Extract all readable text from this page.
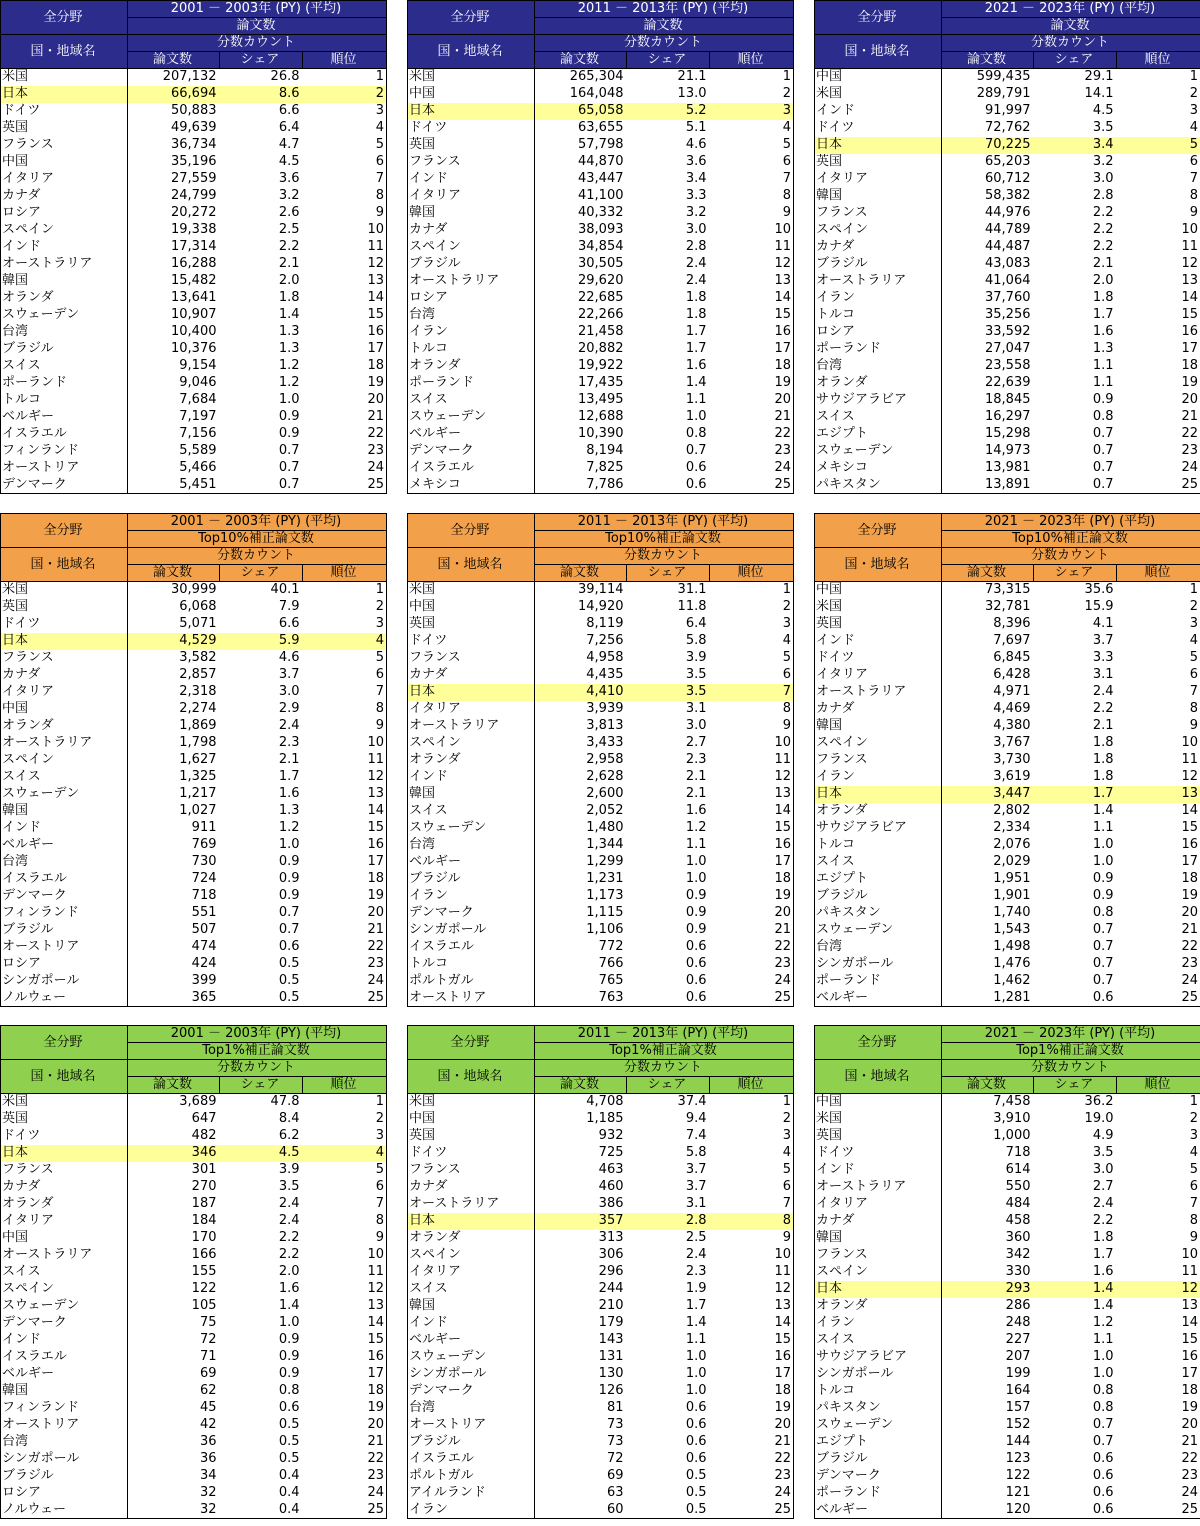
全分野	2001 － 2003年 (PY) (平均)		
	論文数		
国・地域名	分数カウント		
	論文数	シェア	順位
米国	207,132	26.8	1
日本	66,694	8.6	2
ドイツ	50,883	6.6	3
英国	49,639	6.4	4
フランス	36,734	4.7	5
中国	35,196	4.5	6
イタリア	27,559	3.6	7
カナダ	24,799	3.2	8
ロシア	20,272	2.6	9
スペイン	19,338	2.5	10
インド	17,314	2.2	11
オーストラリア	16,288	2.1	12
韓国	15,482	2.0	13
オランダ	13,641	1.8	14
スウェーデン	10,907	1.4	15
台湾	10,400	1.3	16
ブラジル	10,376	1.3	17
スイス	9,154	1.2	18
ポーランド	9,046	1.2	19
トルコ	7,684	1.0	20
ベルギー	7,197	0.9	21
イスラエル	7,156	0.9	22
フィンランド	5,589	0.7	23
オーストリア	5,466	0.7	24
デンマーク	5,451	0.7	25
全分野	2011 － 2013年 (PY) (平均)		
	論文数		
国・地域名	分数カウント		
	論文数	シェア	順位
米国	265,304	21.1	1
中国	164,048	13.0	2
日本	65,058	5.2	3
ドイツ	63,655	5.1	4
英国	57,798	4.6	5
フランス	44,870	3.6	6
インド	43,447	3.4	7
イタリア	41,100	3.3	8
韓国	40,332	3.2	9
カナダ	38,093	3.0	10
スペイン	34,854	2.8	11
ブラジル	30,505	2.4	12
オーストラリア	29,620	2.4	13
ロシア	22,685	1.8	14
台湾	22,266	1.8	15
イラン	21,458	1.7	16
トルコ	20,882	1.7	17
オランダ	19,922	1.6	18
ポーランド	17,435	1.4	19
スイス	13,495	1.1	20
スウェーデン	12,688	1.0	21
ベルギー	10,390	0.8	22
デンマーク	8,194	0.7	23
イスラエル	7,825	0.6	24
メキシコ	7,786	0.6	25
全分野	2021 － 2023年 (PY) (平均)		
	論文数		
国・地域名	分数カウント		
	論文数	シェア	順位
中国	599,435	29.1	1
米国	289,791	14.1	2
インド	91,997	4.5	3
ドイツ	72,762	3.5	4
日本	70,225	3.4	5
英国	65,203	3.2	6
イタリア	60,712	3.0	7
韓国	58,382	2.8	8
フランス	44,976	2.2	9
スペイン	44,789	2.2	10
カナダ	44,487	2.2	11
ブラジル	43,083	2.1	12
オーストラリア	41,064	2.0	13
イラン	37,760	1.8	14
トルコ	35,256	1.7	15
ロシア	33,592	1.6	16
ポーランド	27,047	1.3	17
台湾	23,558	1.1	18
オランダ	22,639	1.1	19
サウジアラビア	18,845	0.9	20
スイス	16,297	0.8	21
エジプト	15,298	0.7	22
スウェーデン	14,973	0.7	23
メキシコ	13,981	0.7	24
パキスタン	13,891	0.7	25
全分野	2001 － 2003年 (PY) (平均)		
	Top10%補正論文数		
国・地域名	分数カウント		
	論文数	シェア	順位
米国	30,999	40.1	1
英国	6,068	7.9	2
ドイツ	5,071	6.6	3
日本	4,529	5.9	4
フランス	3,582	4.6	5
カナダ	2,857	3.7	6
イタリア	2,318	3.0	7
中国	2,274	2.9	8
オランダ	1,869	2.4	9
オーストラリア	1,798	2.3	10
スペイン	1,627	2.1	11
スイス	1,325	1.7	12
スウェーデン	1,217	1.6	13
韓国	1,027	1.3	14
インド	911	1.2	15
ベルギー	769	1.0	16
台湾	730	0.9	17
イスラエル	724	0.9	18
デンマーク	718	0.9	19
フィンランド	551	0.7	20
ブラジル	507	0.7	21
オーストリア	474	0.6	22
ロシア	424	0.5	23
シンガポール	399	0.5	24
ノルウェー	365	0.5	25
全分野	2011 － 2013年 (PY) (平均)		
	Top10%補正論文数		
国・地域名	分数カウント		
	論文数	シェア	順位
米国	39,114	31.1	1
中国	14,920	11.8	2
英国	8,119	6.4	3
ドイツ	7,256	5.8	4
フランス	4,958	3.9	5
カナダ	4,435	3.5	6
日本	4,410	3.5	7
イタリア	3,939	3.1	8
オーストラリア	3,813	3.0	9
スペイン	3,433	2.7	10
オランダ	2,958	2.3	11
インド	2,628	2.1	12
韓国	2,600	2.1	13
スイス	2,052	1.6	14
スウェーデン	1,480	1.2	15
台湾	1,344	1.1	16
ベルギー	1,299	1.0	17
ブラジル	1,231	1.0	18
イラン	1,173	0.9	19
デンマーク	1,115	0.9	20
シンガポール	1,106	0.9	21
イスラエル	772	0.6	22
トルコ	766	0.6	23
ポルトガル	765	0.6	24
オーストリア	763	0.6	25
全分野	2021 － 2023年 (PY) (平均)		
	Top10%補正論文数		
国・地域名	分数カウント		
	論文数	シェア	順位
中国	73,315	35.6	1
米国	32,781	15.9	2
英国	8,396	4.1	3
インド	7,697	3.7	4
ドイツ	6,845	3.3	5
イタリア	6,428	3.1	6
オーストラリア	4,971	2.4	7
カナダ	4,469	2.2	8
韓国	4,380	2.1	9
スペイン	3,767	1.8	10
フランス	3,730	1.8	11
イラン	3,619	1.8	12
日本	3,447	1.7	13
オランダ	2,802	1.4	14
サウジアラビア	2,334	1.1	15
トルコ	2,076	1.0	16
スイス	2,029	1.0	17
エジプト	1,951	0.9	18
ブラジル	1,901	0.9	19
パキスタン	1,740	0.8	20
スウェーデン	1,543	0.7	21
台湾	1,498	0.7	22
シンガポール	1,476	0.7	23
ポーランド	1,462	0.7	24
ベルギー	1,281	0.6	25
全分野	2001 － 2003年 (PY) (平均)		
	Top1%補正論文数		
国・地域名	分数カウント		
	論文数	シェア	順位
米国	3,689	47.8	1
英国	647	8.4	2
ドイツ	482	6.2	3
日本	346	4.5	4
フランス	301	3.9	5
カナダ	270	3.5	6
オランダ	187	2.4	7
イタリア	184	2.4	8
中国	170	2.2	9
オーストラリア	166	2.2	10
スイス	155	2.0	11
スペイン	122	1.6	12
スウェーデン	105	1.4	13
デンマーク	75	1.0	14
インド	72	0.9	15
イスラエル	71	0.9	16
ベルギー	69	0.9	17
韓国	62	0.8	18
フィンランド	45	0.6	19
オーストリア	42	0.5	20
台湾	36	0.5	21
シンガポール	36	0.5	22
ブラジル	34	0.4	23
ロシア	32	0.4	24
ノルウェー	32	0.4	25
全分野	2011 － 2013年 (PY) (平均)		
	Top1%補正論文数		
国・地域名	分数カウント		
	論文数	シェア	順位
米国	4,708	37.4	1
中国	1,185	9.4	2
英国	932	7.4	3
ドイツ	725	5.8	4
フランス	463	3.7	5
カナダ	460	3.7	6
オーストラリア	386	3.1	7
日本	357	2.8	8
オランダ	313	2.5	9
スペイン	306	2.4	10
イタリア	296	2.3	11
スイス	244	1.9	12
韓国	210	1.7	13
インド	179	1.4	14
ベルギー	143	1.1	15
スウェーデン	131	1.0	16
シンガポール	130	1.0	17
デンマーク	126	1.0	18
台湾	81	0.6	19
オーストリア	73	0.6	20
ブラジル	73	0.6	21
イスラエル	72	0.6	22
ポルトガル	69	0.5	23
アイルランド	63	0.5	24
イラン	60	0.5	25
全分野	2021 － 2023年 (PY) (平均)		
	Top1%補正論文数		
国・地域名	分数カウント		
	論文数	シェア	順位
中国	7,458	36.2	1
米国	3,910	19.0	2
英国	1,000	4.9	3
ドイツ	718	3.5	4
インド	614	3.0	5
オーストラリア	550	2.7	6
イタリア	484	2.4	7
カナダ	458	2.2	8
韓国	360	1.8	9
フランス	342	1.7	10
スペイン	330	1.6	11
日本	293	1.4	12
オランダ	286	1.4	13
イラン	248	1.2	14
スイス	227	1.1	15
サウジアラビア	207	1.0	16
シンガポール	199	1.0	17
トルコ	164	0.8	18
パキスタン	157	0.8	19
スウェーデン	152	0.7	20
エジプト	144	0.7	21
ブラジル	123	0.6	22
デンマーク	122	0.6	23
ポーランド	121	0.6	24
ベルギー	120	0.6	25
